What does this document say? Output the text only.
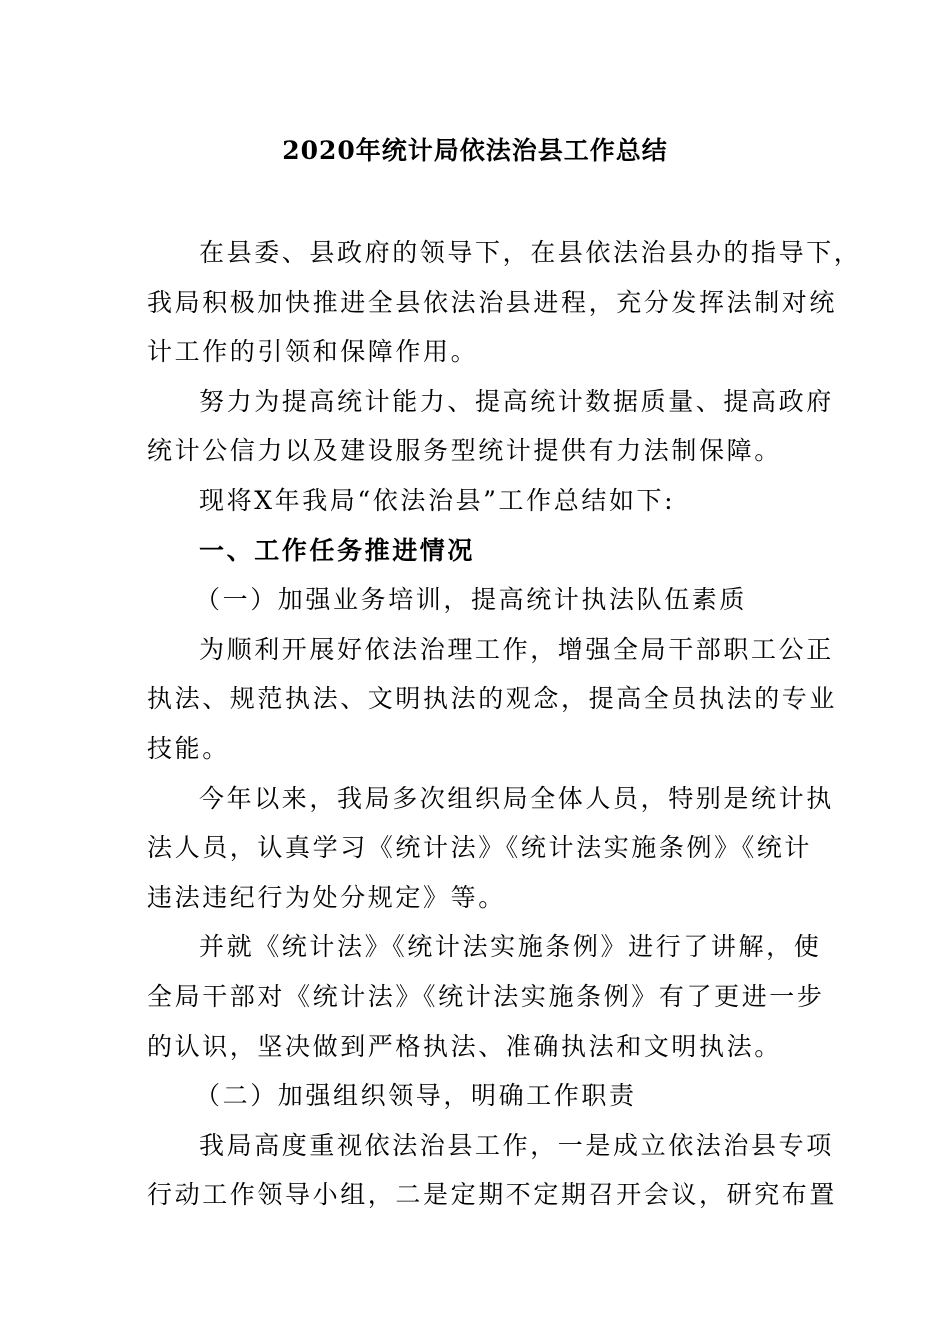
2020年统计局依法治县工作总结

在县委、县政府的领导下，在县依法治县办的指导下，
我局积极加快推进全县依法治县进程，充分发挥法制对统
计工作的引领和保障作用。

努力为提高统计能力、提高统计数据质量、提高政府
统计公信力以及建设服务型统计提供有力法制保障。

现将X年我局“依法治县”工作总结如下:

一、工作任务推进情况

（一）加强业务培训，提高统计执法队伍素质

为顺利开展好依法治理工作，增强全局干部职工公正
执法、规范执法、文明执法的观念，提高全员执法的专业
技能。

今年以来，我局多次组织局全体人员，特别是统计执
法人员，认真学习《统计法》《统计法实施条例》《统计
违法违纪行为处分规定》等。

并就《统计法》《统计法实施条例》进行了讲解，使
全局干部对《统计法》《统计法实施条例》有了更进一步
的认识，坚决做到严格执法、准确执法和文明执法。

（二）加强组织领导，明确工作职责

我局高度重视依法治县工作，一是成立依法治县专项
行动工作领导小组，二是定期不定期召开会议，研究布置
